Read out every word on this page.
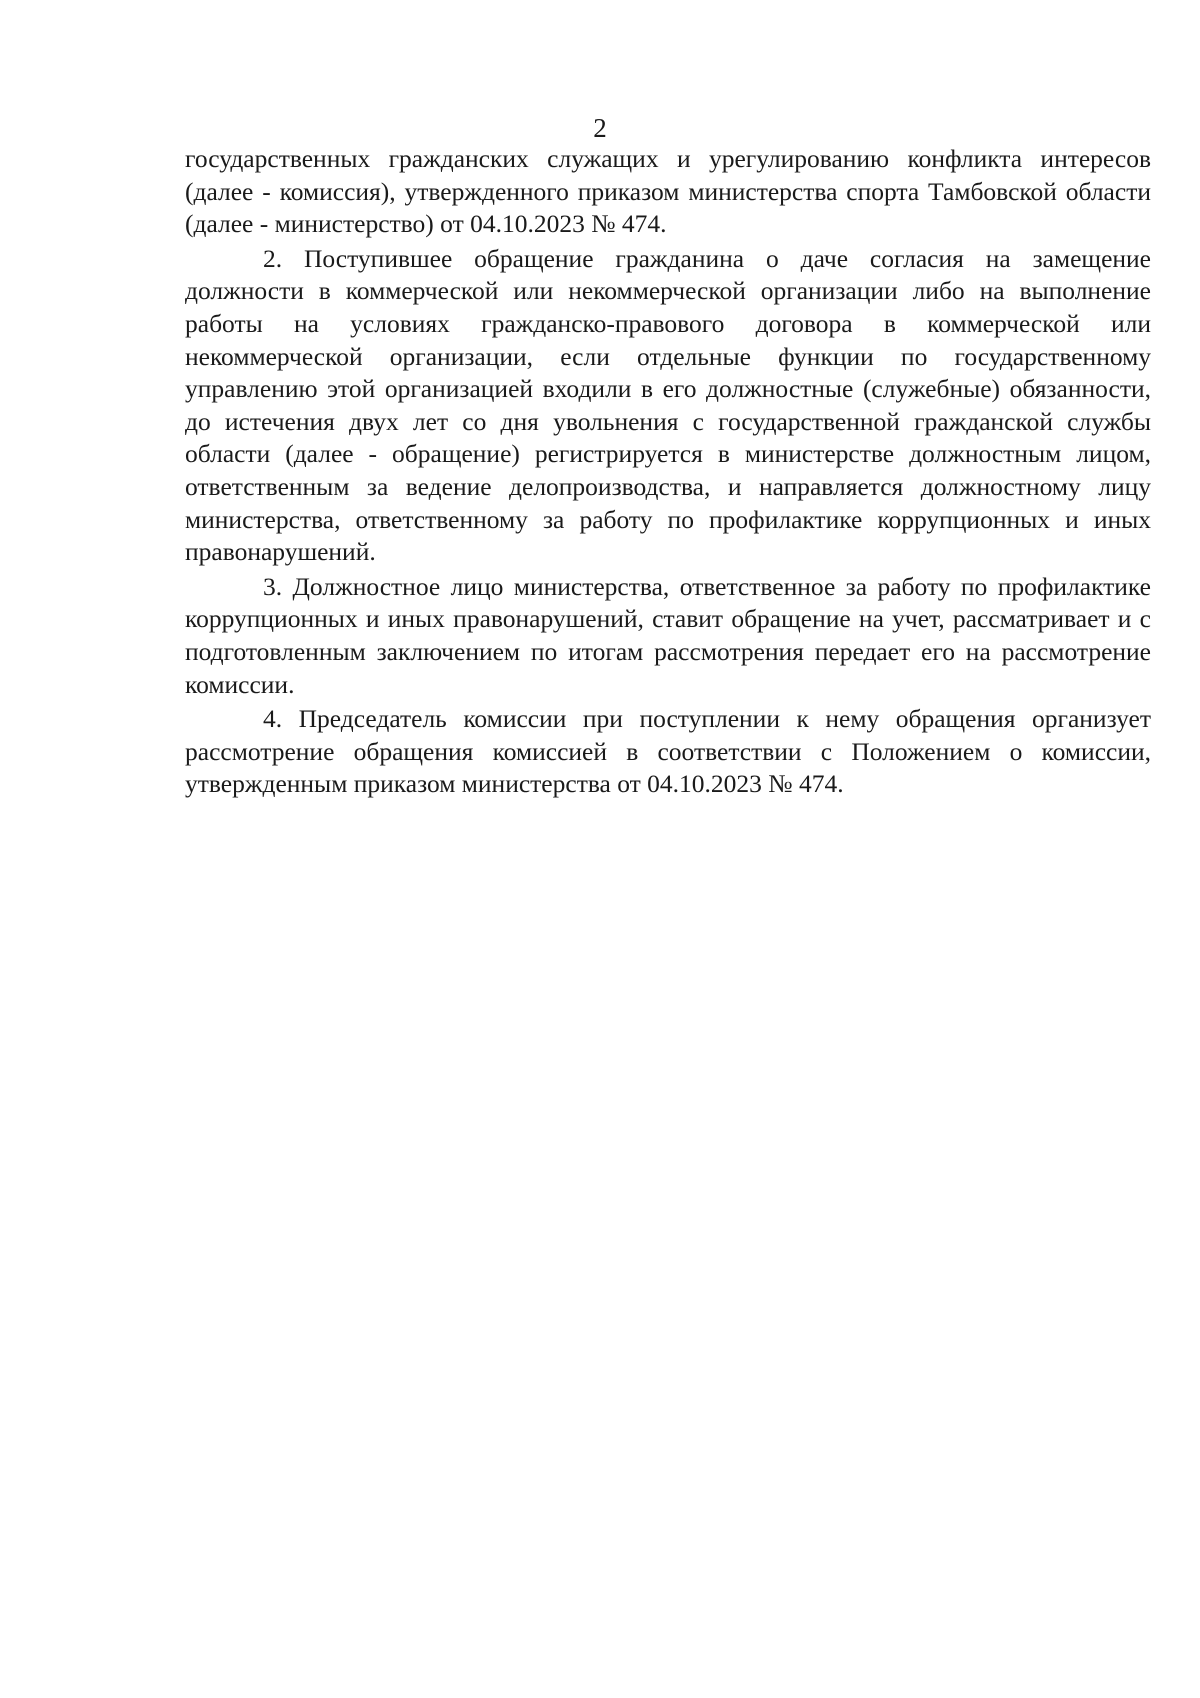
2

государственных гражданских служащих и урегулированию конфликта интересов (далее - комиссия), утвержденного приказом министерства спорта Тамбовской области (далее - министерство) от 04.10.2023 № 474.

2. Поступившее обращение гражданина о даче согласия на замещение должности в коммерческой или некоммерческой организации либо на выполнение работы на условиях гражданско-правового договора в коммерческой или некоммерческой организации, если отдельные функции по государственному управлению этой организацией входили в его должностные (служебные) обязанности, до истечения двух лет со дня увольнения с государственной гражданской службы области (далее - обращение) регистрируется в министерстве должностным лицом, ответственным за ведение делопроизводства, и направляется должностному лицу министерства, ответственному за работу по профилактике коррупционных и иных правонарушений.

3. Должностное лицо министерства, ответственное за работу по профилактике коррупционных и иных правонарушений, ставит обращение на учет, рассматривает и с подготовленным заключением по итогам рассмотрения передает его на рассмотрение комиссии.

4. Председатель комиссии при поступлении к нему обращения организует рассмотрение обращения комиссией в соответствии с Положением о комиссии, утвержденным приказом министерства от 04.10.2023 № 474.
